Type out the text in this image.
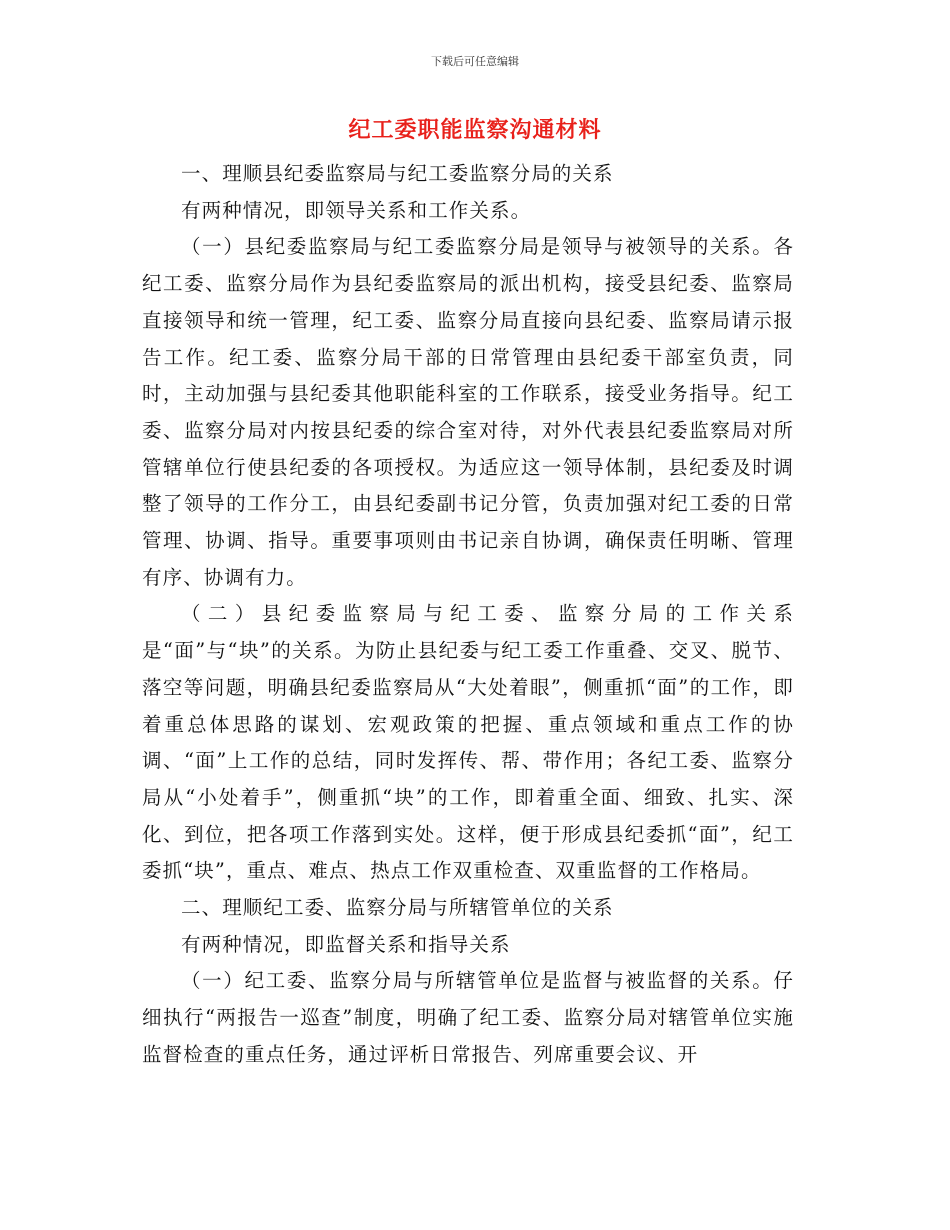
下载后可任意编辑
纪工委职能监察沟通材料

一、理顺县纪委监察局与纪工委监察分局的关系

有两种情况，即领导关系和工作关系。

（一）县纪委监察局与纪工委监察分局是领导与被领导的关系。各纪工委、监察分局作为县纪委监察局的派出机构，接受县纪委、监察局直接领导和统一管理，纪工委、监察分局直接向县纪委、监察局请示报告工作。纪工委、监察分局干部的日常管理由县纪委干部室负责，同时，主动加强与县纪委其他职能科室的工作联系，接受业务指导。纪工委、监察分局对内按县纪委的综合室对待，对外代表县纪委监察局对所管辖单位行使县纪委的各项授权。为适应这一领导体制，县纪委及时调整了领导的工作分工，由县纪委副书记分管，负责加强对纪工委的日常管理、协调、指导。重要事项则由书记亲自协调，确保责任明晰、管理有序、协调有力。

（二）县纪委监察局与纪工委、监察分局的工作关系是“面”与“块”的关系。为防止县纪委与纪工委工作重叠、交叉、脱节、落空等问题，明确县纪委监察局从“大处着眼”，侧重抓“面”的工作，即着重总体思路的谋划、宏观政策的把握、重点领域和重点工作的协调、“面”上工作的总结，同时发挥传、帮、带作用；各纪工委、监察分局从“小处着手”，侧重抓“块”的工作，即着重全面、细致、扎实、深化、到位，把各项工作落到实处。这样，便于形成县纪委抓“面”，纪工委抓“块”，重点、难点、热点工作双重检查、双重监督的工作格局。

二、理顺纪工委、监察分局与所辖管单位的关系

有两种情况，即监督关系和指导关系

（一）纪工委、监察分局与所辖管单位是监督与被监督的关系。仔细执行“两报告一巡查”制度，明确了纪工委、监察分局对辖管单位实施监督检查的重点任务，通过评析日常报告、列席重要会议、开
